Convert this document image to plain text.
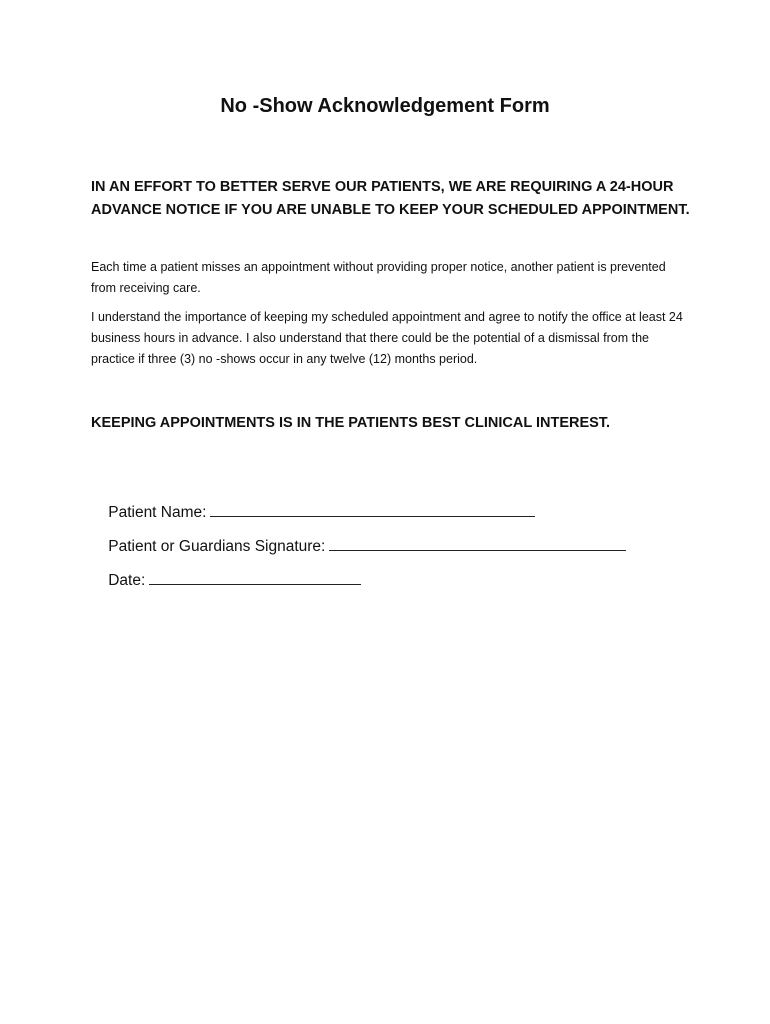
No -Show Acknowledgement Form

IN AN EFFORT TO BETTER SERVE OUR PATIENTS, WE ARE REQUIRING A 24-HOUR ADVANCE NOTICE IF YOU ARE UNABLE TO KEEP YOUR SCHEDULED APPOINTMENT.

Each time a patient misses an appointment without providing proper notice, another patient is prevented from receiving care.

I understand the importance of keeping my scheduled appointment and agree to notify the office at least 24 business hours in advance. I also understand that there could be the potential of a dismissal from the practice if three (3) no -shows occur in any twelve (12) months period.

KEEPING APPOINTMENTS IS IN THE PATIENTS BEST CLINICAL INTEREST.

Patient Name:

Patient or Guardians Signature:

Date:
